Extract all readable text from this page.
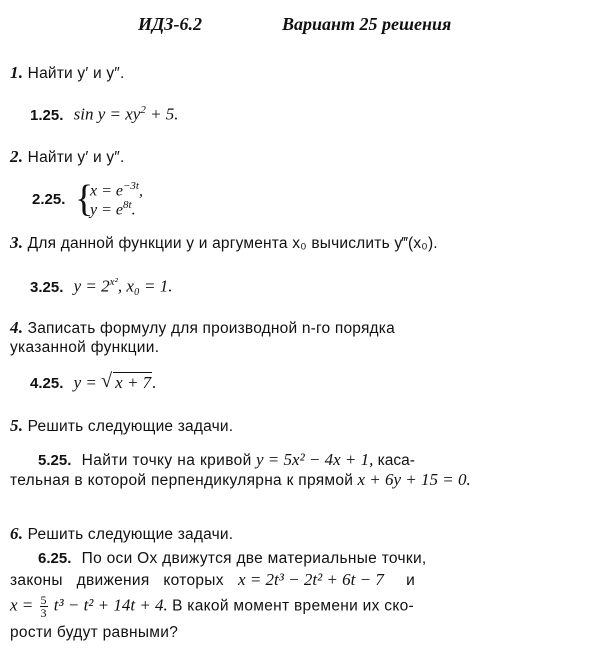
ИДЗ-6.2	Вариант 25 решения
1. Найти y′ и y″.
1.25. $\sin y = xy^2 + 5$.
2. Найти y′ и y″.
2.25. {
$x = e^{-3t}$,
$y = e^{8t}$.
3. Для данной функции y и аргумента x₀ вычислить y‴(x₀).
3.25. $y = 2^{x^2}$, x₀ = 1.
4. Записать формулу для производной n-го порядка
указанной функции.
4.25. y = √ x + 7.
5. Решить следующие задачи.
5.25. Найти точку на кривой y = 5x² − 4x + 1, каса-
тельная в которой перпендикулярна к прямой x + 6y + 15 = 0.
6. Решить следующие задачи.
6.25. По оси Ox движутся две материальные точки,
законы   движения   которых x = 2t³ − 2t² + 6t − 7 и
$x = \frac{5}{3} t^3 - t^2 + 14t + 4$. В какой момент времени их ско-
рости будут равными?
